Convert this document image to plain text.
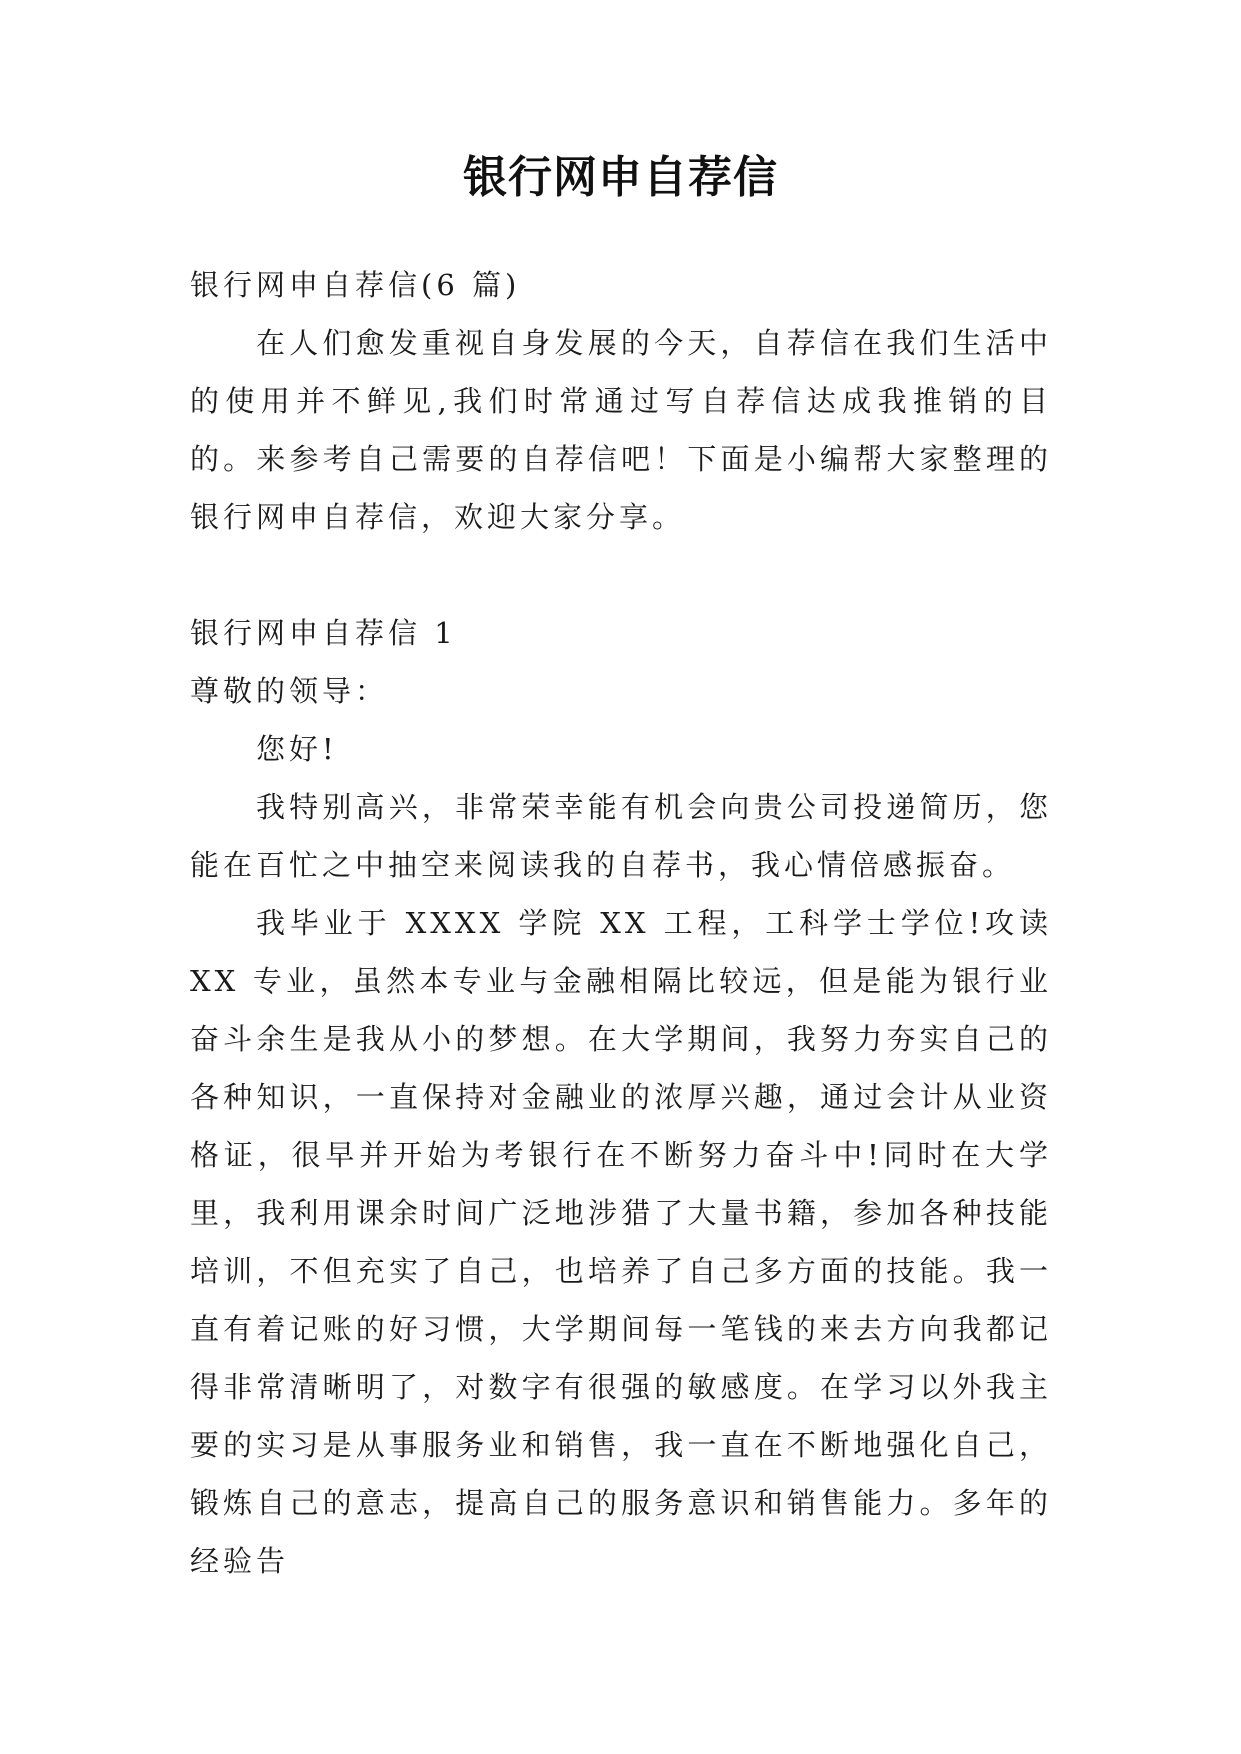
银行网申自荐信

银行网申自荐信(6 篇)

在人们愈发重视自身发展的今天，自荐信在我们生活中的使用并不鲜见,我们时常通过写自荐信达成我推销的目的。来参考自己需要的自荐信吧！下面是小编帮大家整理的银行网申自荐信，欢迎大家分享。

银行网申自荐信 1

尊敬的领导：

您好!

我特别高兴，非常荣幸能有机会向贵公司投递简历，您能在百忙之中抽空来阅读我的自荐书，我心情倍感振奋。

我毕业于 XXXX 学院 XX 工程，工科学士学位!攻读 XX 专业，虽然本专业与金融相隔比较远，但是能为银行业奋斗余生是我从小的梦想。在大学期间，我努力夯实自己的各种知识，一直保持对金融业的浓厚兴趣，通过会计从业资格证，很早并开始为考银行在不断努力奋斗中!同时在大学里，我利用课余时间广泛地涉猎了大量书籍，参加各种技能培训，不但充实了自己，也培养了自己多方面的技能。我一直有着记账的好习惯，大学期间每一笔钱的来去方向我都记得非常清晰明了，对数字有很强的敏感度。在学习以外我主要的实习是从事服务业和销售，我一直在不断地强化自己，锻炼自己的意志，提高自己的服务意识和销售能力。多年的经验告
